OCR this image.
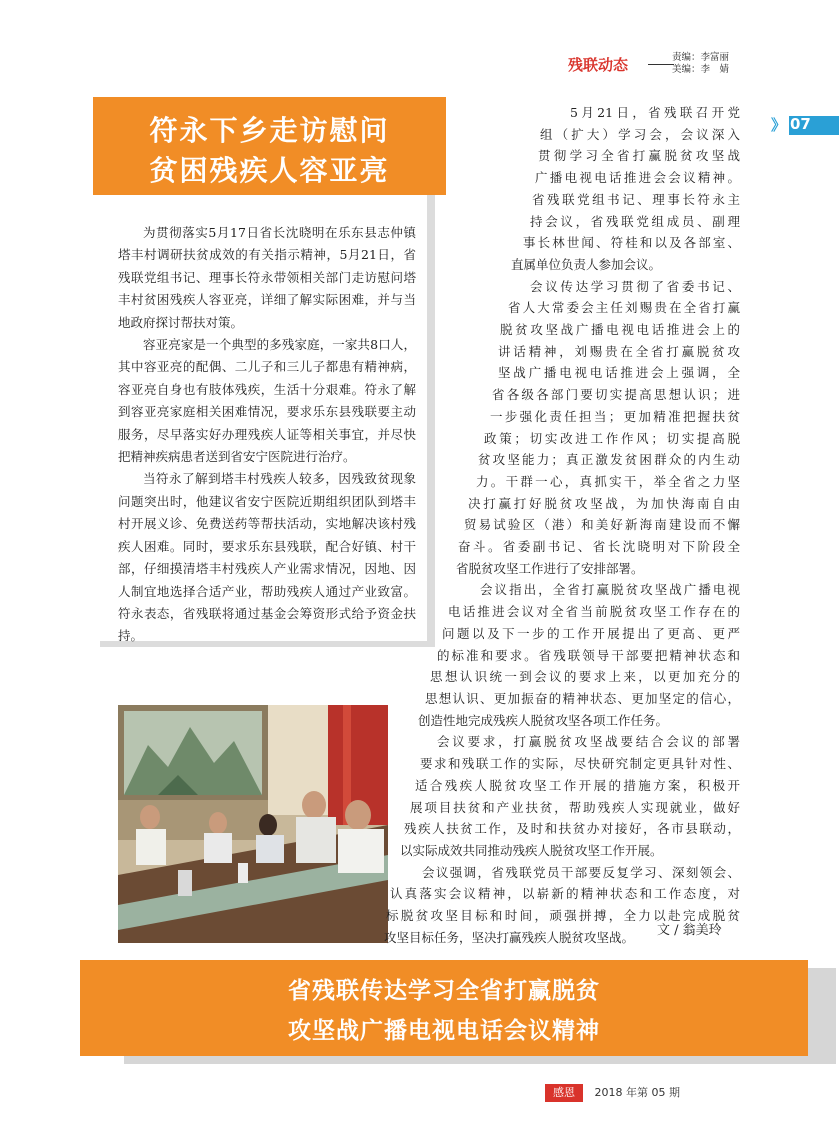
残联动态	责编：李富丽
美编：李　婧
》 07
符永下乡走访慰问
贫困残疾人容亚亮

为贯彻落实5月17日省长沈晓明在乐东县志仲镇塔丰村调研扶贫成效的有关指示精神，5月21日，省残联党组书记、理事长符永带领相关部门走访慰问塔丰村贫困残疾人容亚亮，详细了解实际困难，并与当地政府探讨帮扶对策。

容亚亮家是一个典型的多残家庭，一家共8口人，其中容亚亮的配偶、二儿子和三儿子都患有精神病，容亚亮自身也有肢体残疾，生活十分艰难。符永了解到容亚亮家庭相关困难情况，要求乐东县残联要主动服务，尽早落实好办理残疾人证等相关事宜，并尽快把精神疾病患者送到省安宁医院进行治疗。

当符永了解到塔丰村残疾人较多，因残致贫现象问题突出时，他建议省安宁医院近期组织团队到塔丰村开展义诊、免费送药等帮扶活动，实地解决该村残疾人困难。同时，要求乐东县残联，配合好镇、村干部，仔细摸清塔丰村残疾人产业需求情况，因地、因人制宜地选择合适产业，帮助残疾人通过产业致富。符永表态，省残联将通过基金会筹资形式给予资金扶持。

5月21日，省残联召开党
组（扩大）学习会，会议深入
贯彻学习全省打赢脱贫攻坚战
广播电视电话推进会会议精神。
省残联党组书记、理事长符永主
持会议，省残联党组成员、副理
事长林世闻、符桂和以及各部室、
直属单位负责人参加会议。
会议传达学习贯彻了省委书记、
省人大常委会主任刘赐贵在全省打赢
脱贫攻坚战广播电视电话推进会上的
讲话精神，刘赐贵在全省打赢脱贫攻
坚战广播电视电话推进会上强调，全
省各级各部门要切实提高思想认识；进
一步强化责任担当；更加精准把握扶贫
政策；切实改进工作作风；切实提高脱
贫攻坚能力；真正激发贫困群众的内生动
力。干群一心，真抓实干，举全省之力坚
决打赢打好脱贫攻坚战，为加快海南自由
贸易试验区（港）和美好新海南建设而不懈
奋斗。省委副书记、省长沈晓明对下阶段全
省脱贫攻坚工作进行了安排部署。
会议指出，全省打赢脱贫攻坚战广播电视
电话推进会议对全省当前脱贫攻坚工作存在的
问题以及下一步的工作开展提出了更高、更严
的标准和要求。省残联领导干部要把精神状态和
思想认识统一到会议的要求上来，以更加充分的
思想认识、更加振奋的精神状态、更加坚定的信心，
创造性地完成残疾人脱贫攻坚各项工作任务。
会议要求，打赢脱贫攻坚战要结合会议的部署
要求和残联工作的实际，尽快研究制定更具针对性、
适合残疾人脱贫攻坚工作开展的措施方案，积极开
展项目扶贫和产业扶贫，帮助残疾人实现就业，做好
残疾人扶贫工作，及时和扶贫办对接好，各市县联动，
以实际成效共同推动残疾人脱贫攻坚工作开展。
会议强调，省残联党员干部要反复学习、深刻领会、
认真落实会议精神，以崭新的精神状态和工作态度，对
标脱贫攻坚目标和时间，顽强拼搏，全力以赴完成脱贫
攻坚目标任务，坚决打赢残疾人脱贫攻坚战。	文 / 翁美玲
省残联传达学习全省打赢脱贫
攻坚战广播电视电话会议精神
感恩 2018 年第 05 期
